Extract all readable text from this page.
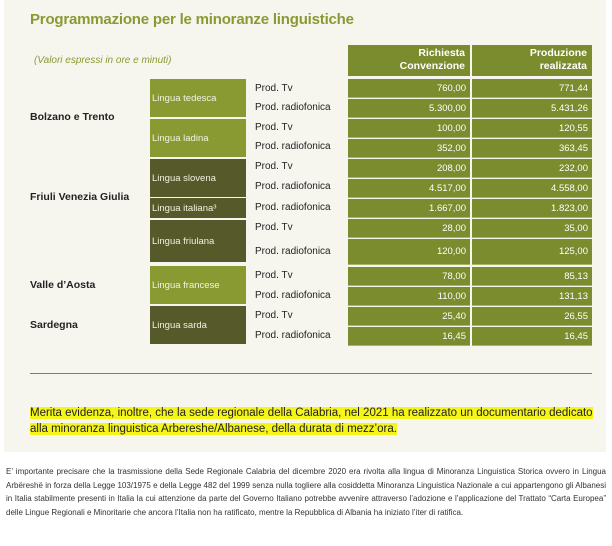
Programmazione per le minoranze linguistiche
(Valori espressi in ore e minuti)
Richiesta
Convenzione
Produzione
realizzata
Bolzano e Trento
Friuli Venezia Giulia
Valle d’Aosta
Sardegna
Lingua tedesca
Lingua ladina
Lingua slovena
Lingua italiana³
Lingua friulana
Lingua francese
Lingua sarda
Prod. Tv
Prod. radiofonica
Prod. Tv
Prod. radiofonica
Prod. Tv
Prod. radiofonica
Prod. radiofonica
Prod. Tv
Prod. radiofonica
Prod. Tv
Prod. radiofonica
Prod. Tv
Prod. radiofonica
760,00
5.300,00
100,00
352,00
208,00
4.517,00
1.667,00
28,00
120,00
78,00
110,00
25,40
16,45
771,44
5.431,26
120,55
363,45
232,00
4.558,00
1.823,00
35,00
125,00
85,13
131,13
26,55
16,45
Merita evidenza, inoltre, che la sede regionale della Calabria, nel 2021 ha realizzato un documentario dedicato alla minoranza linguistica Arbereshe/Albanese, della durata di mezz’ora.
E’ importante precisare che la trasmissione della Sede Regionale Calabria del dicembre 2020 era rivolta alla lingua di Minoranza Linguistica Storica ovvero in Lingua Arbëreshë in forza della Legge 103/1975 e della Legge 482 del 1999 senza nulla togliere alla cosiddetta Minoranza Linguistica Nazionale a cui appartengono gli Albanesi in Italia stabilmente presenti in Italia la cui attenzione da parte del Governo Italiano potrebbe avvenire attraverso l’adozione e l’applicazione del Trattato “Carta Europea” delle Lingue Regionali e Minoritarie che ancora l’Italia non ha ratificato, mentre la Repubblica di Albania ha iniziato l’iter di ratifica.
